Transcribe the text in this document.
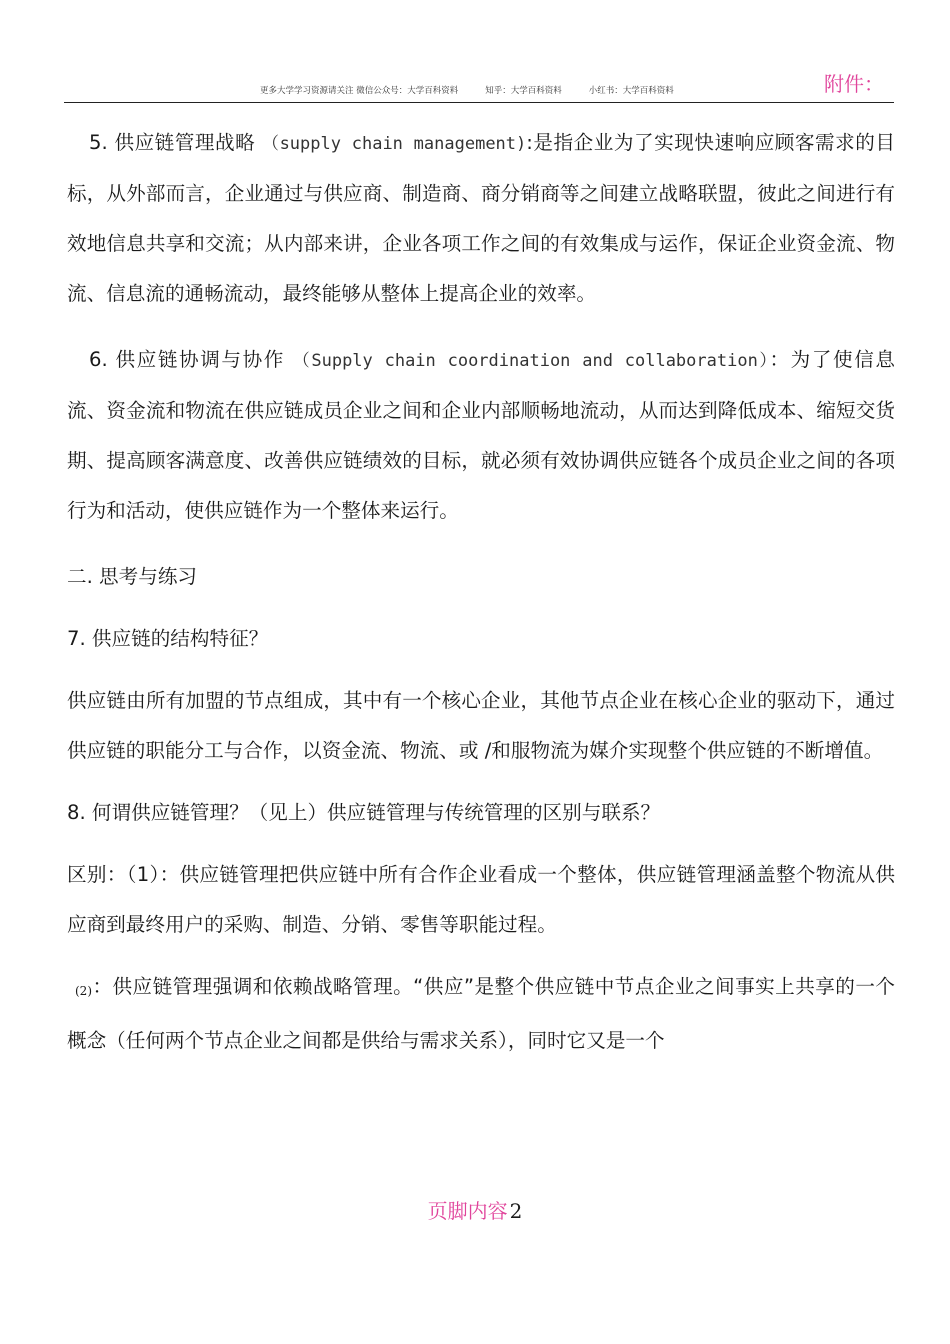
更多大学学习资源请关注 微信公众号：大学百科资料          知乎：大学百科资料          小红书：大学百科资料	附件：

5. 供应链管理战略 （supply chain management):是指企业为了实现快速响应顾客需求的目标，从外部而言，企业通过与供应商、制造商、商分销商等之间建立战略联盟，彼此之间进行有效地信息共享和交流；从内部来讲，企业各项工作之间的有效集成与运作，保证企业资金流、物流、信息流的通畅流动，最终能够从整体上提高企业的效率。

6. 供应链协调与协作 （Supply chain coordination and collaboration）：为了使信息流、资金流和物流在供应链成员企业之间和企业内部顺畅地流动，从而达到降低成本、缩短交货期、提高顾客满意度、改善供应链绩效的目标，就必须有效协调供应链各个成员企业之间的各项行为和活动，使供应链作为一个整体来运行。

二. 思考与练习

7. 供应链的结构特征？

供应链由所有加盟的节点组成，其中有一个核心企业，其他节点企业在核心企业的驱动下，通过供应链的职能分工与合作，以资金流、物流、或 /和服物流为媒介实现整个供应链的不断增值。

8. 何谓供应链管理？（见上）供应链管理与传统管理的区别与联系？

区别：（1）：供应链管理把供应链中所有合作企业看成一个整体，供应链管理涵盖整个物流从供应商到最终用户的采购、制造、分销、零售等职能过程。

(2)：供应链管理强调和依赖战略管理。“供应”是整个供应链中节点企业之间事实上共享的一个概念（任何两个节点企业之间都是供给与需求关系），同时它又是一个

页脚内容 2
